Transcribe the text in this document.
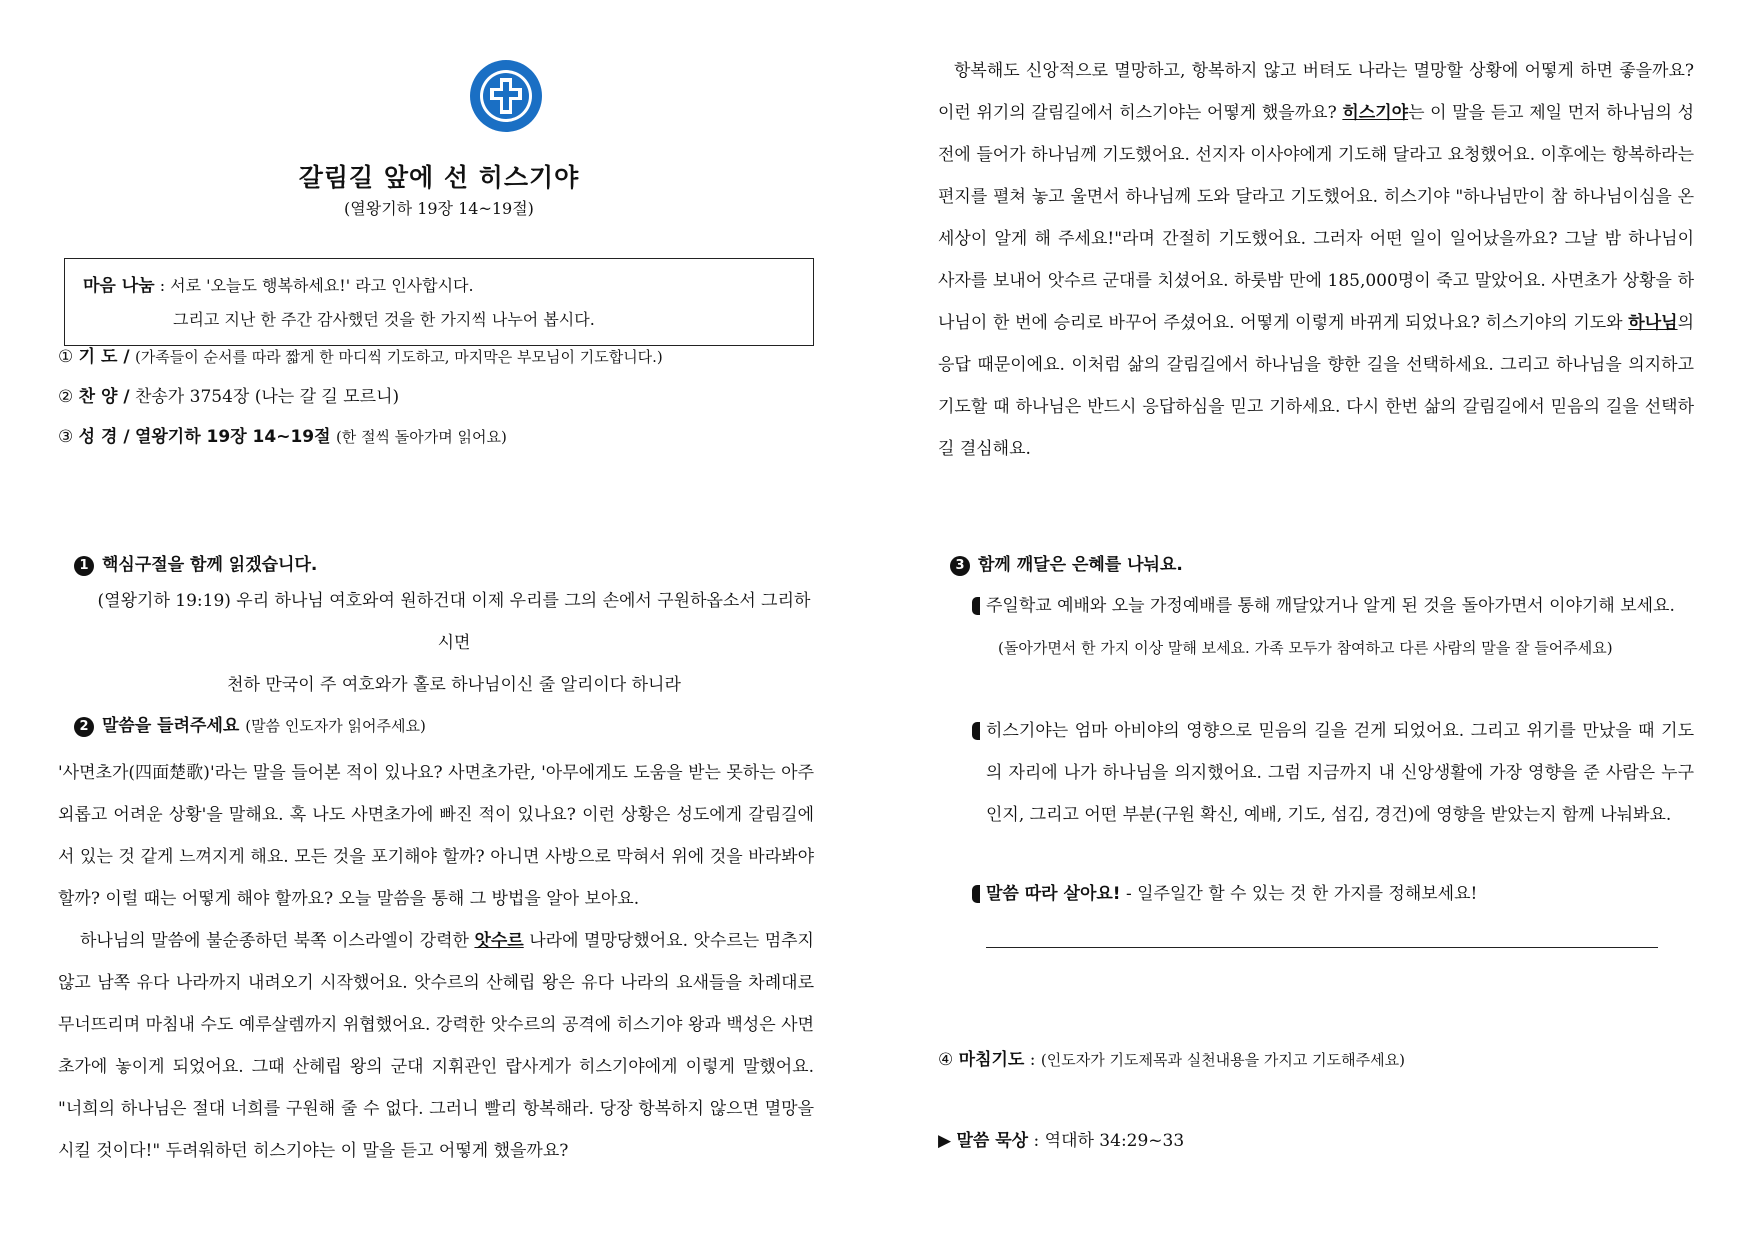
갈림길 앞에 선 히스기야
(열왕기하 19장 14~19절)
마음 나눔 : 서로 '오늘도 행복하세요!' 라고 인사합시다.
그리고 지난 한 주간 감사했던 것을 한 가지씩 나누어 봅시다.
① 기 도 / (가족들이 순서를 따라 짧게 한 마디씩 기도하고, 마지막은 부모님이 기도합니다.)
② 찬 양 / 찬송가 3754장 (나는 갈 길 모르니)
③ 성 경 / 열왕기하 19장 14~19절 (한 절씩 돌아가며 읽어요)
1 핵심구절을 함께 읽겠습니다.
(열왕기하 19:19) 우리 하나님 여호와여 원하건대 이제 우리를 그의 손에서 구원하옵소서 그리하시면
천하 만국이 주 여호와가 홀로 하나님이신 줄 알리이다 하니라
2 말씀을 들려주세요 (말씀 인도자가 읽어주세요)
'사면초가(四面楚歌)'라는 말을 들어본 적이 있나요? 사면초가란, '아무에게도 도움을 받는 못하는 아주 외롭고 어려운 상황'을 말해요. 혹 나도 사면초가에 빠진 적이 있나요? 이런 상황은 성도에게 갈림길에 서 있는 것 같게 느껴지게 해요. 모든 것을 포기해야 할까? 아니면 사방으로 막혀서 위에 것을 바라봐야 할까? 이럴 때는 어떻게 해야 할까요? 오늘 말씀을 통해 그 방법을 알아 보아요.
하나님의 말씀에 불순종하던 북쪽 이스라엘이 강력한 앗수르 나라에 멸망당했어요. 앗수르는 멈추지 않고 남쪽 유다 나라까지 내려오기 시작했어요. 앗수르의 산헤립 왕은 유다 나라의 요새들을 차례대로 무너뜨리며 마침내 수도 예루살렘까지 위협했어요. 강력한 앗수르의 공격에 히스기야 왕과 백성은 사면초가에 놓이게 되었어요. 그때 산헤립 왕의 군대 지휘관인 랍사게가 히스기야에게 이렇게 말했어요. "너희의 하나님은 절대 너희를 구원해 줄 수 없다. 그러니 빨리 항복해라. 당장 항복하지 않으면 멸망을 시킬 것이다!" 두려워하던 히스기야는 이 말을 듣고 어떻게 했을까요?
항복해도 신앙적으로 멸망하고, 항복하지 않고 버텨도 나라는 멸망할 상황에 어떻게 하면 좋을까요? 이런 위기의 갈림길에서 히스기야는 어떻게 했을까요? 히스기야는 이 말을 듣고 제일 먼저 하나님의 성전에 들어가 하나님께 기도했어요. 선지자 이사야에게 기도해 달라고 요청했어요. 이후에는 항복하라는 편지를 펼쳐 놓고 울면서 하나님께 도와 달라고 기도했어요. 히스기야 "하나님만이 참 하나님이심을 온 세상이 알게 해 주세요!"라며 간절히 기도했어요. 그러자 어떤 일이 일어났을까요? 그날 밤 하나님이 사자를 보내어 앗수르 군대를 치셨어요. 하룻밤 만에 185,000명이 죽고 말았어요. 사면초가 상황을 하나님이 한 번에 승리로 바꾸어 주셨어요. 어떻게 이렇게 바뀌게 되었나요? 히스기야의 기도와 하나님의 응답 때문이에요. 이처럼 삶의 갈림길에서 하나님을 향한 길을 선택하세요. 그리고 하나님을 의지하고 기도할 때 하나님은 반드시 응답하심을 믿고 기하세요. 다시 한번 삶의 갈림길에서 믿음의 길을 선택하길 결심해요.
3 함께 깨달은 은혜를 나눠요.
주일학교 예배와 오늘 가정예배를 통해 깨달았거나 알게 된 것을 돌아가면서 이야기해 보세요.
(돌아가면서 한 가지 이상 말해 보세요. 가족 모두가 참여하고 다른 사람의 말을 잘 들어주세요)
히스기야는 엄마 아비야의 영향으로 믿음의 길을 걷게 되었어요. 그리고 위기를 만났을 때 기도의 자리에 나가 하나님을 의지했어요. 그럼 지금까지 내 신앙생활에 가장 영향을 준 사람은 누구인지, 그리고 어떤 부분(구원 확신, 예배, 기도, 섬김, 경건)에 영향을 받았는지 함께 나눠봐요.
말씀 따라 살아요! - 일주일간 할 수 있는 것 한 가지를 정해보세요!
④ 마침기도 : (인도자가 기도제목과 실천내용을 가지고 기도해주세요)
▶ 말씀 묵상 : 역대하 34:29~33
